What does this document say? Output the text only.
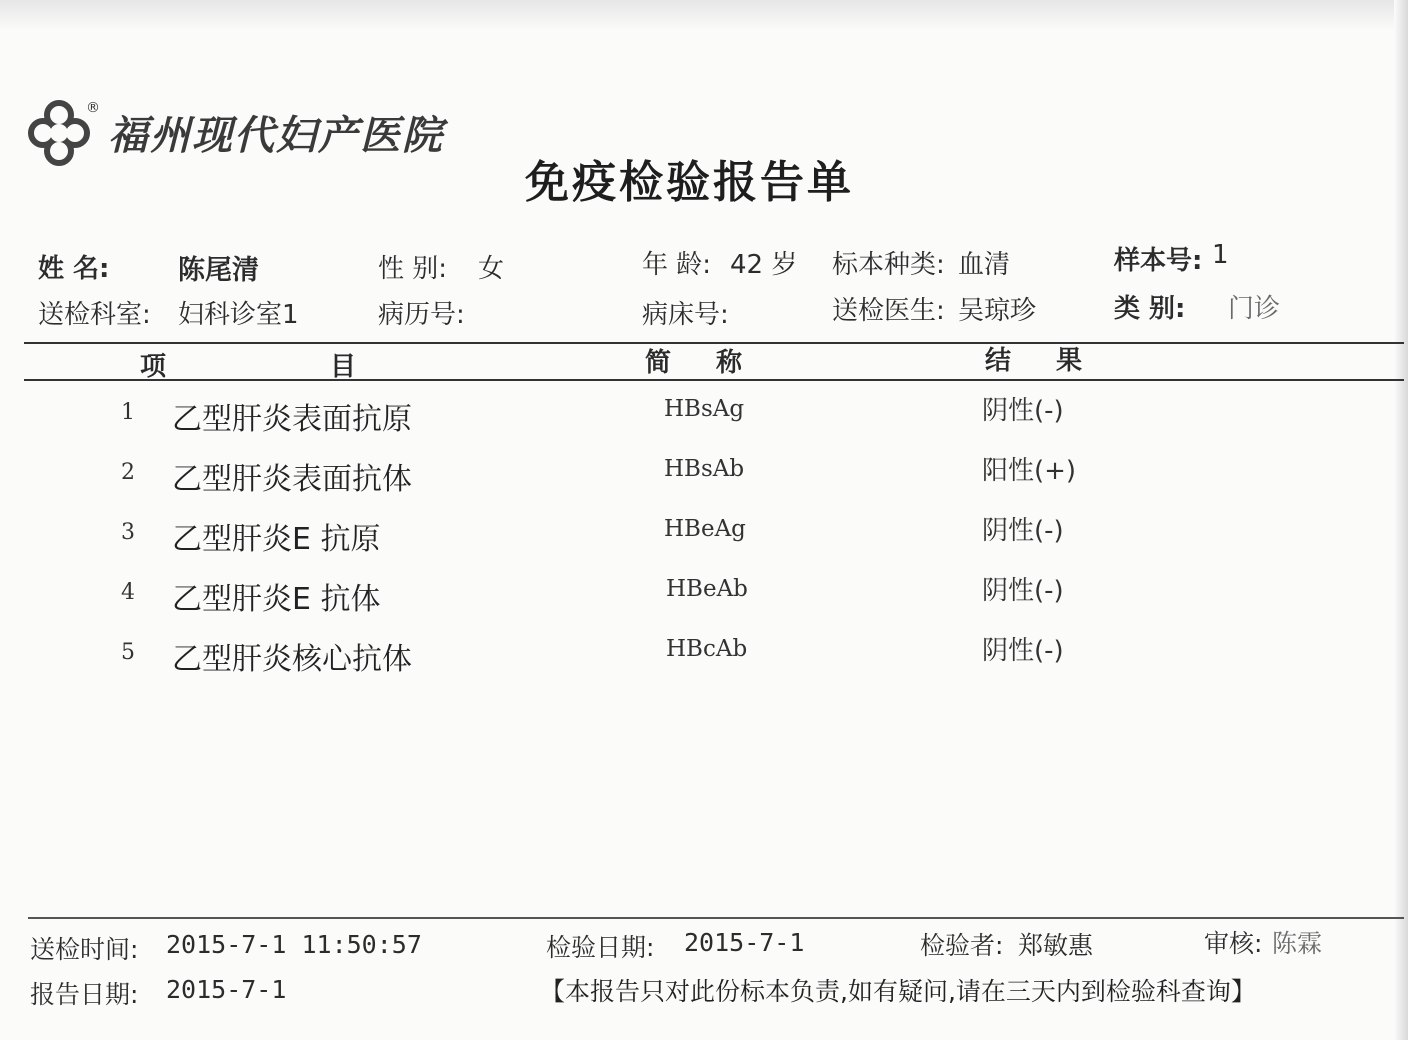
®
福州现代妇产医院
免疫检验报告单
姓 名:	陈尾清	性 别: 女	年 龄: 42 岁 标本种类: 血清	样本号: 1
送检科室: 妇科诊室1	病历号:	病床号:	送检医生: 吴琼珍	类 别: 门诊
项	目	简 称	结 果
1 乙型肝炎表面抗原	HBsAg	阴性(-)
2 乙型肝炎表面抗体	HBsAb	阳性(+)
3 乙型肝炎E 抗原	HBeAg	阴性(-)
4 乙型肝炎E 抗体	HBeAb	阴性(-)
5 乙型肝炎核心抗体	HBcAb	阴性(-)
送检时间: 2015-7-1 11:50:57	检验日期: 2015-7-1	检验者: 郑敏惠	审核: 陈霖
报告日期: 2015-7-1	【本报告只对此份标本负责,如有疑问,请在三天内到检验科查询】
